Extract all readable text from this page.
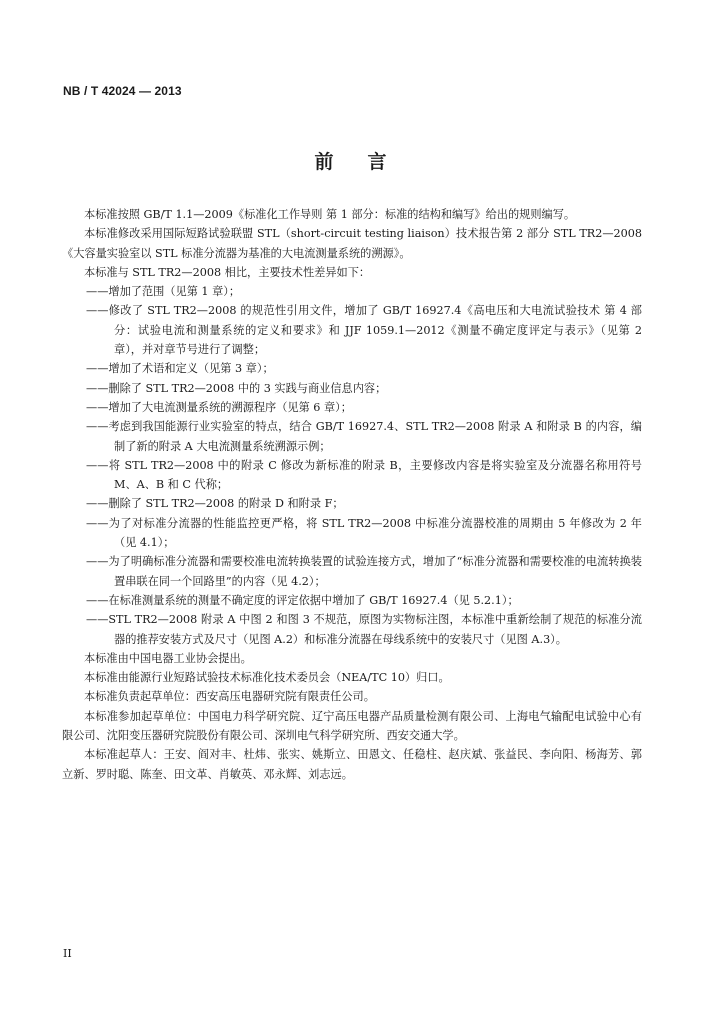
NB / T 42024 — 2013
前言

本标准按照 GB/T 1.1—2009《标准化工作导则 第 1 部分：标准的结构和编写》给出的规则编写。

本标准修改采用国际短路试验联盟 STL（short-circuit testing liaison）技术报告第 2 部分 STL TR2—2008《大容量实验室以 STL 标准分流器为基准的大电流测量系统的溯源》。

本标准与 STL TR2—2008 相比，主要技术性差异如下：

——增加了范围（见第 1 章）；

——修改了 STL TR2—2008 的规范性引用文件，增加了 GB/T 16927.4《高电压和大电流试验技术 第 4 部分：试验电流和测量系统的定义和要求》和 JJF 1059.1—2012《测量不确定度评定与表示》（见第 2 章），并对章节号进行了调整；

——增加了术语和定义（见第 3 章）；

——删除了 STL TR2—2008 中的 3 实践与商业信息内容；

——增加了大电流测量系统的溯源程序（见第 6 章）；

——考虑到我国能源行业实验室的特点，结合 GB/T 16927.4、STL TR2—2008 附录 A 和附录 B 的内容，编制了新的附录 A 大电流测量系统溯源示例；

——将 STL TR2—2008 中的附录 C 修改为新标准的附录 B，主要修改内容是将实验室及分流器名称用符号 M、A、B 和 C 代称；

——删除了 STL TR2—2008 的附录 D 和附录 F；

——为了对标准分流器的性能监控更严格，将 STL TR2—2008 中标准分流器校准的周期由 5 年修改为 2 年（见 4.1）；

——为了明确标准分流器和需要校准电流转换装置的试验连接方式，增加了“标准分流器和需要校准的电流转换装置串联在同一个回路里”的内容（见 4.2）；

——在标准测量系统的测量不确定度的评定依据中增加了 GB/T 16927.4（见 5.2.1）；

——STL TR2—2008 附录 A 中图 2 和图 3 不规范，原图为实物标注图，本标准中重新绘制了规范的标准分流器的推荐安装方式及尺寸（见图 A.2）和标准分流器在母线系统中的安装尺寸（见图 A.3）。

本标准由中国电器工业协会提出。

本标准由能源行业短路试验技术标准化技术委员会（NEA/TC 10）归口。

本标准负责起草单位：西安高压电器研究院有限责任公司。

本标准参加起草单位：中国电力科学研究院、辽宁高压电器产品质量检测有限公司、上海电气输配电试验中心有限公司、沈阳变压器研究院股份有限公司、深圳电气科学研究所、西安交通大学。

本标准起草人：王安、阎对丰、杜炜、张实、姚斯立、田恩文、任稳柱、赵庆斌、张益民、李向阳、杨海芳、郭立新、罗时聪、陈奎、田文革、肖敏英、邓永辉、刘志远。

II
